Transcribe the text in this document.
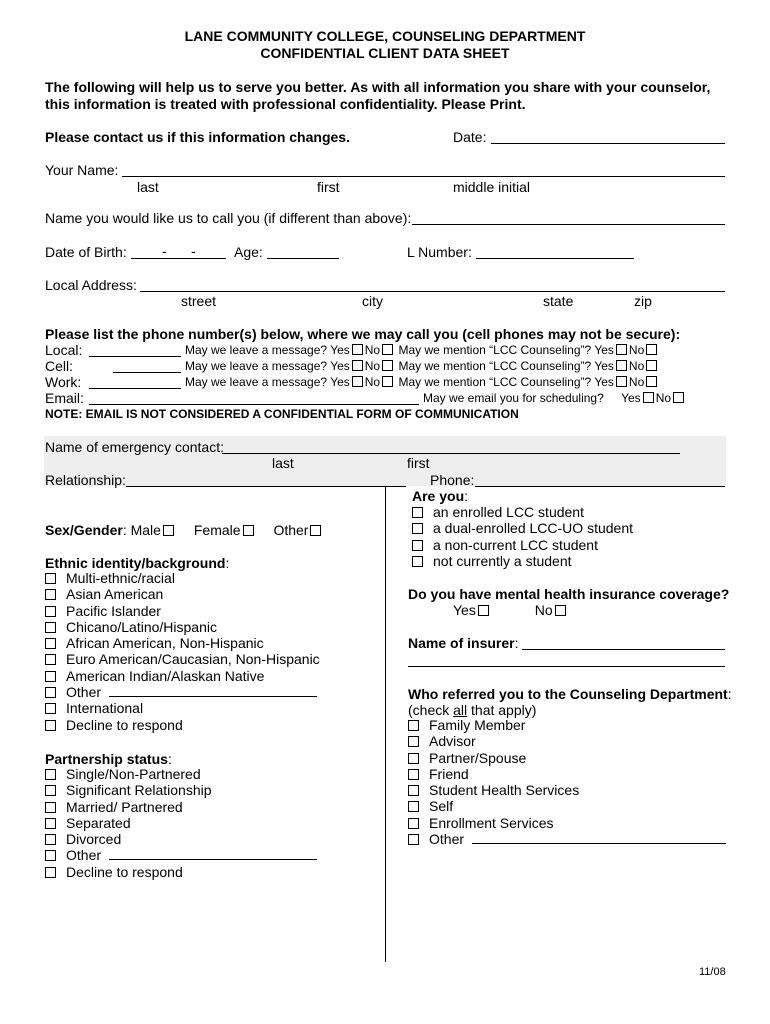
LANE COMMUNITY COLLEGE, COUNSELING DEPARTMENT
CONFIDENTIAL CLIENT DATA SHEET
The following will help us to serve you better. As with all information you share with your counselor,
this information is treated with professional confidentiality. Please Print.
Please contact us if this information changes.	Date:
Your Name:
last	first	middle initial
Name you would like us to call you (if different than above):
Date of Birth:	- -	Age:	L Number:
Local Address:
street	city	state	zip
Please list the phone number(s) below, where we may call you (cell phones may not be secure):
Local:	May we leave a message? Yes No May we mention “LCC Counseling”? Yes No
Cell:	May we leave a message? Yes No May we mention “LCC Counseling”? Yes No
Work:	May we leave a message? Yes No May we mention “LCC Counseling”? Yes No
Email:	May we email you for scheduling? Yes No
NOTE: EMAIL IS NOT CONSIDERED A CONFIDENTIAL FORM OF COMMUNICATION
Name of emergency contact:
last	first
Relationship:	Phone:
Sex/Gender: Male Female Other
Ethnic identity/background:
Multi-ethnic/racial
Asian American
Pacific Islander
Chicano/Latino/Hispanic
African American, Non-Hispanic
Euro American/Caucasian, Non-Hispanic
American Indian/Alaskan Native
Other
International
Decline to respond
Partnership status:
Single/Non-Partnered
Significant Relationship
Married/ Partnered
Separated
Divorced
Other
Decline to respond
Are you:
an enrolled LCC student
a dual-enrolled LCC-UO student
a non-current LCC student
not currently a student
Do you have mental health insurance coverage?
Yes	No
Name of insurer:
Who referred you to the Counseling Department:
(check all that apply)
Family Member
Advisor
Partner/Spouse
Friend
Student Health Services
Self
Enrollment Services
Other
11/08
